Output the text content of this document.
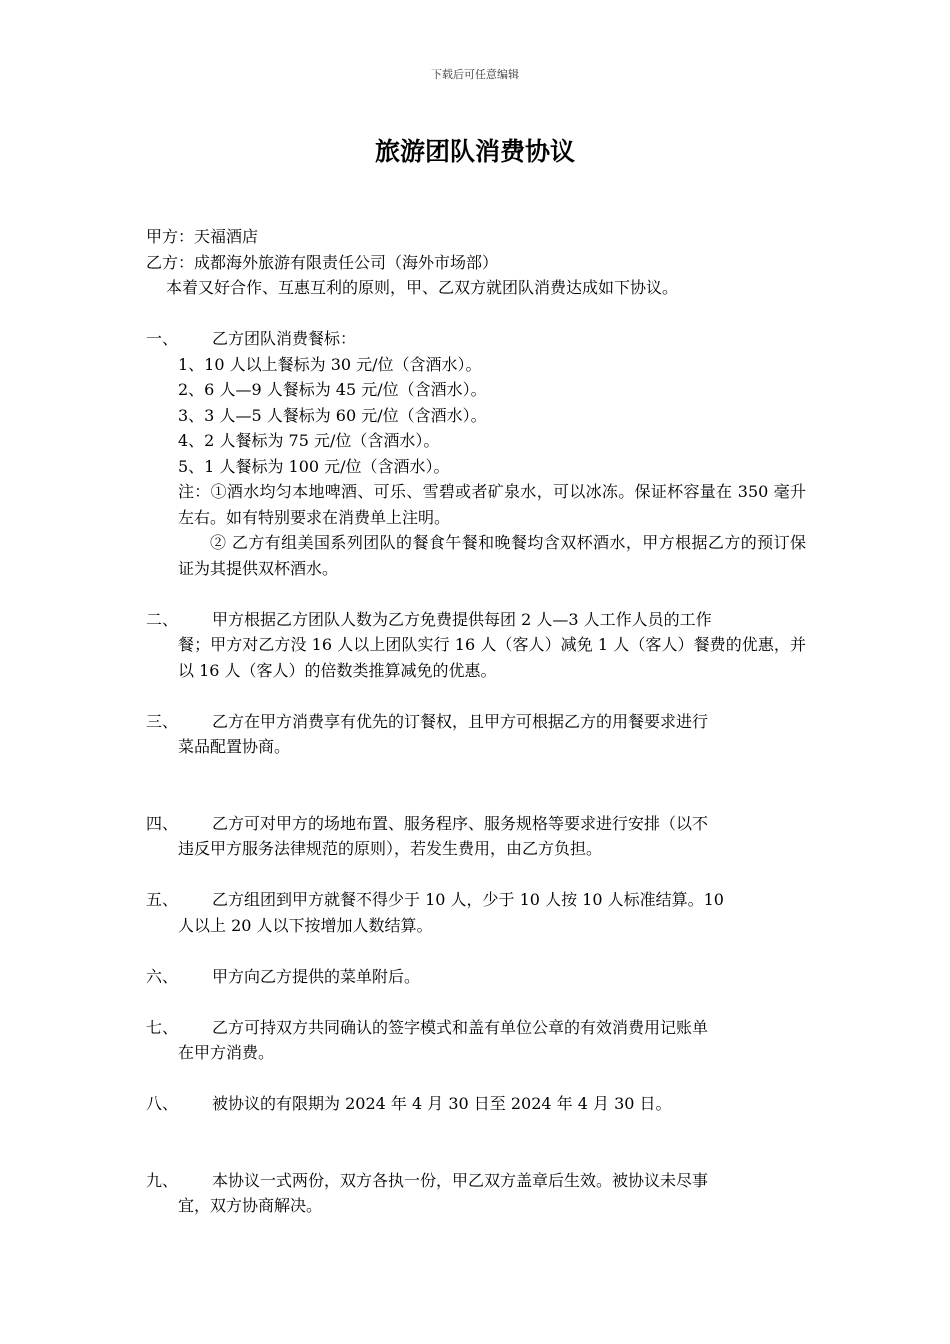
下载后可任意编辑
旅游团队消费协议
甲方：天福酒店
乙方：成都海外旅游有限责任公司（海外市场部）
本着又好合作、互惠互利的原则，甲、乙双方就团队消费达成如下协议。
一、 乙方团队消费餐标：
1、10 人以上餐标为 30 元/位（含酒水）。
2、6 人—9 人餐标为 45 元/位（含酒水）。
3、3 人—5 人餐标为 60 元/位（含酒水）。
4、2 人餐标为 75 元/位（含酒水）。
5、1 人餐标为 100 元/位（含酒水）。
注：①酒水均匀本地啤酒、可乐、雪碧或者矿泉水，可以冰冻。保证杯容量在 350 毫升左右。如有特别要求在消费单上注明。
② 乙方有组美国系列团队的餐食午餐和晚餐均含双杯酒水，甲方根据乙方的预订保证为其提供双杯酒水。
二、 甲方根据乙方团队人数为乙方免费提供每团 2 人—3 人工作人员的工作
餐；甲方对乙方没 16 人以上团队实行 16 人（客人）减免 1 人（客人）餐费的优惠，并以 16 人（客人）的倍数类推算减免的优惠。
三、 乙方在甲方消费享有优先的订餐权，且甲方可根据乙方的用餐要求进行
菜品配置协商。
四、 乙方可对甲方的场地布置、服务程序、服务规格等要求进行安排（以不
违反甲方服务法律规范的原则），若发生费用，由乙方负担。
五、 乙方组团到甲方就餐不得少于 10 人，少于 10 人按 10 人标准结算。10
人以上 20 人以下按增加人数结算。
六、 甲方向乙方提供的菜单附后。
七、 乙方可持双方共同确认的签字模式和盖有单位公章的有效消费用记账单
在甲方消费。
八、 被协议的有限期为 2024 年 4 月 30 日至 2024 年 4 月 30 日。
九、 本协议一式两份，双方各执一份，甲乙双方盖章后生效。被协议未尽事
宜，双方协商解决。
